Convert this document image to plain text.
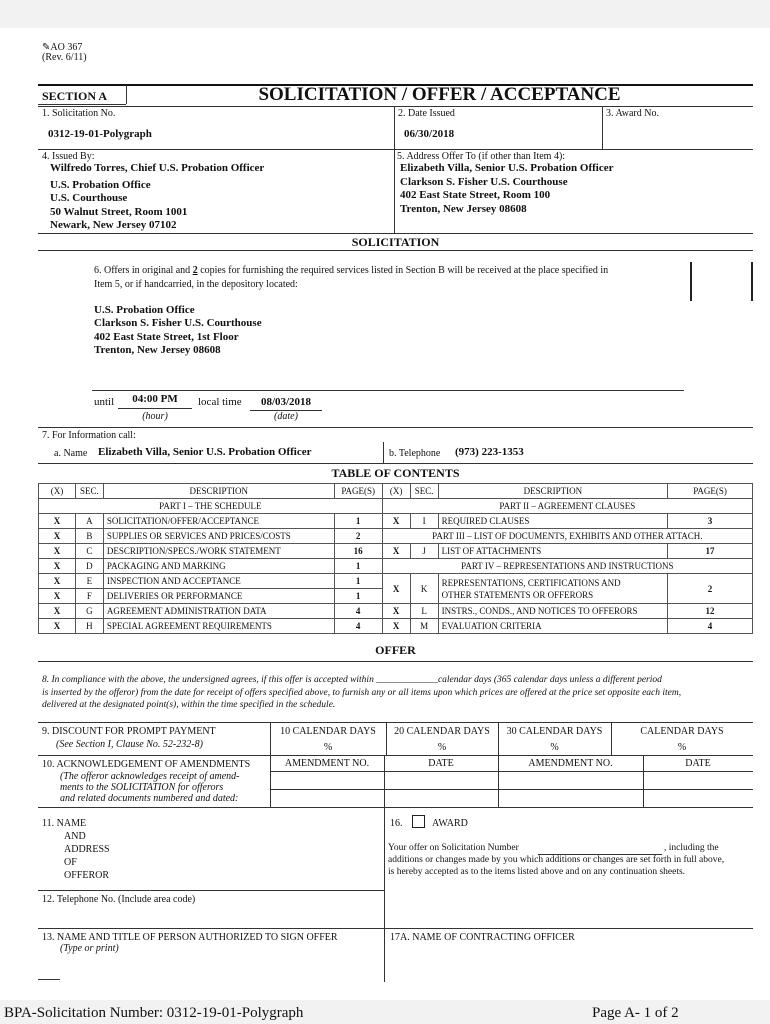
✎AO 367
(Rev. 6/11)
SECTION A	SOLICITATION / OFFER / ACCEPTANCE
1. Solicitation No.
0312-19-01-Polygraph
2. Date Issued
06/30/2018
3. Award No.
4. Issued By:
Wilfredo Torres, Chief U.S. Probation Officer
U.S. Probation Office
U.S. Courthouse
50 Walnut Street, Room 1001
Newark, New Jersey 07102
5. Address Offer To (if other than Item 4):
Elizabeth Villa, Senior U.S. Probation Officer
Clarkson S. Fisher U.S. Courthouse
402 East State Street, Room 100
Trenton, New Jersey 08608
SOLICITATION
6. Offers in original and 2 copies for furnishing the required services listed in Section B will be received at the place specified in
Item 5, or if handcarried, in the depository located:
U.S. Probation Office
Clarkson S. Fisher U.S. Courthouse
402 East State Street, 1st Floor
Trenton, New Jersey 08608
until	04:00 PM	local time	08/03/2018
(hour)	(date)
7. For Information call:
a. Name Elizabeth Villa, Senior U.S. Probation Officer	b. Telephone (973) 223-1353
TABLE OF CONTENTS
(X)	SEC.	DESCRIPTION	PAGE(S)	(X)	SEC.	DESCRIPTION	PAGE(S)
PART I – THE SCHEDULE				PART II – AGREEMENT CLAUSES			
X	A	SOLICITATION/OFFER/ACCEPTANCE	1	X	I	REQUIRED CLAUSES	3
X	B	SUPPLIES OR SERVICES AND PRICES/COSTS	2	PART III – LIST OF DOCUMENTS, EXHIBITS AND OTHER ATTACH.			
X	C	DESCRIPTION/SPECS./WORK STATEMENT	16	X	J	LIST OF ATTACHMENTS	17
X	D	PACKAGING AND MARKING	1	PART IV – REPRESENTATIONS AND INSTRUCTIONS			
X	E	INSPECTION AND ACCEPTANCE	1	X	K	REPRESENTATIONS, CERTIFICATIONS AND
OTHER STATEMENTS OR OFFERORS	2
X	F	DELIVERIES OR PERFORMANCE	1				
X	G	AGREEMENT ADMINISTRATION DATA	4	X	L	INSTRS., CONDS., AND NOTICES TO OFFERORS	12
X	H	SPECIAL AGREEMENT REQUIREMENTS	4	X	M	EVALUATION CRITERIA	4
OFFER
8. In compliance with the above, the undersigned agrees, if this offer is accepted within _____________calendar days (365 calendar days unless a different period
is inserted by the offeror) from the date for receipt of offers specified above, to furnish any or all items upon which prices are offered at the price set opposite each item,
delivered at the designated point(s), within the time specified in the schedule.
9. DISCOUNT FOR PROMPT PAYMENT
(See Section I, Clause No. 52-232-8)
10 CALENDAR DAYS	20 CALENDAR DAYS	30 CALENDAR DAYS	CALENDAR DAYS
%	%	%	%
10. ACKNOWLEDGEMENT OF AMENDMENTS
(The offeror acknowledges receipt of amend-
ments to the SOLICITATION for offerors
and related documents numbered and dated:
AMENDMENT NO.	DATE	AMENDMENT NO.	DATE
11. NAME
AND
ADDRESS
OF
OFFEROR
16.	AWARD
Your offer on Solicitation Number	, including the
additions or changes made by you which additions or changes are set forth in full above,
is hereby accepted as to the items listed above and on any continuation sheets.
12. Telephone No. (Include area code)
13. NAME AND TITLE OF PERSON AUTHORIZED TO SIGN OFFER
(Type or print)
17A. NAME OF CONTRACTING OFFICER
BPA-Solicitation Number: 0312-19-01-Polygraph	Page A- 1 of 2
